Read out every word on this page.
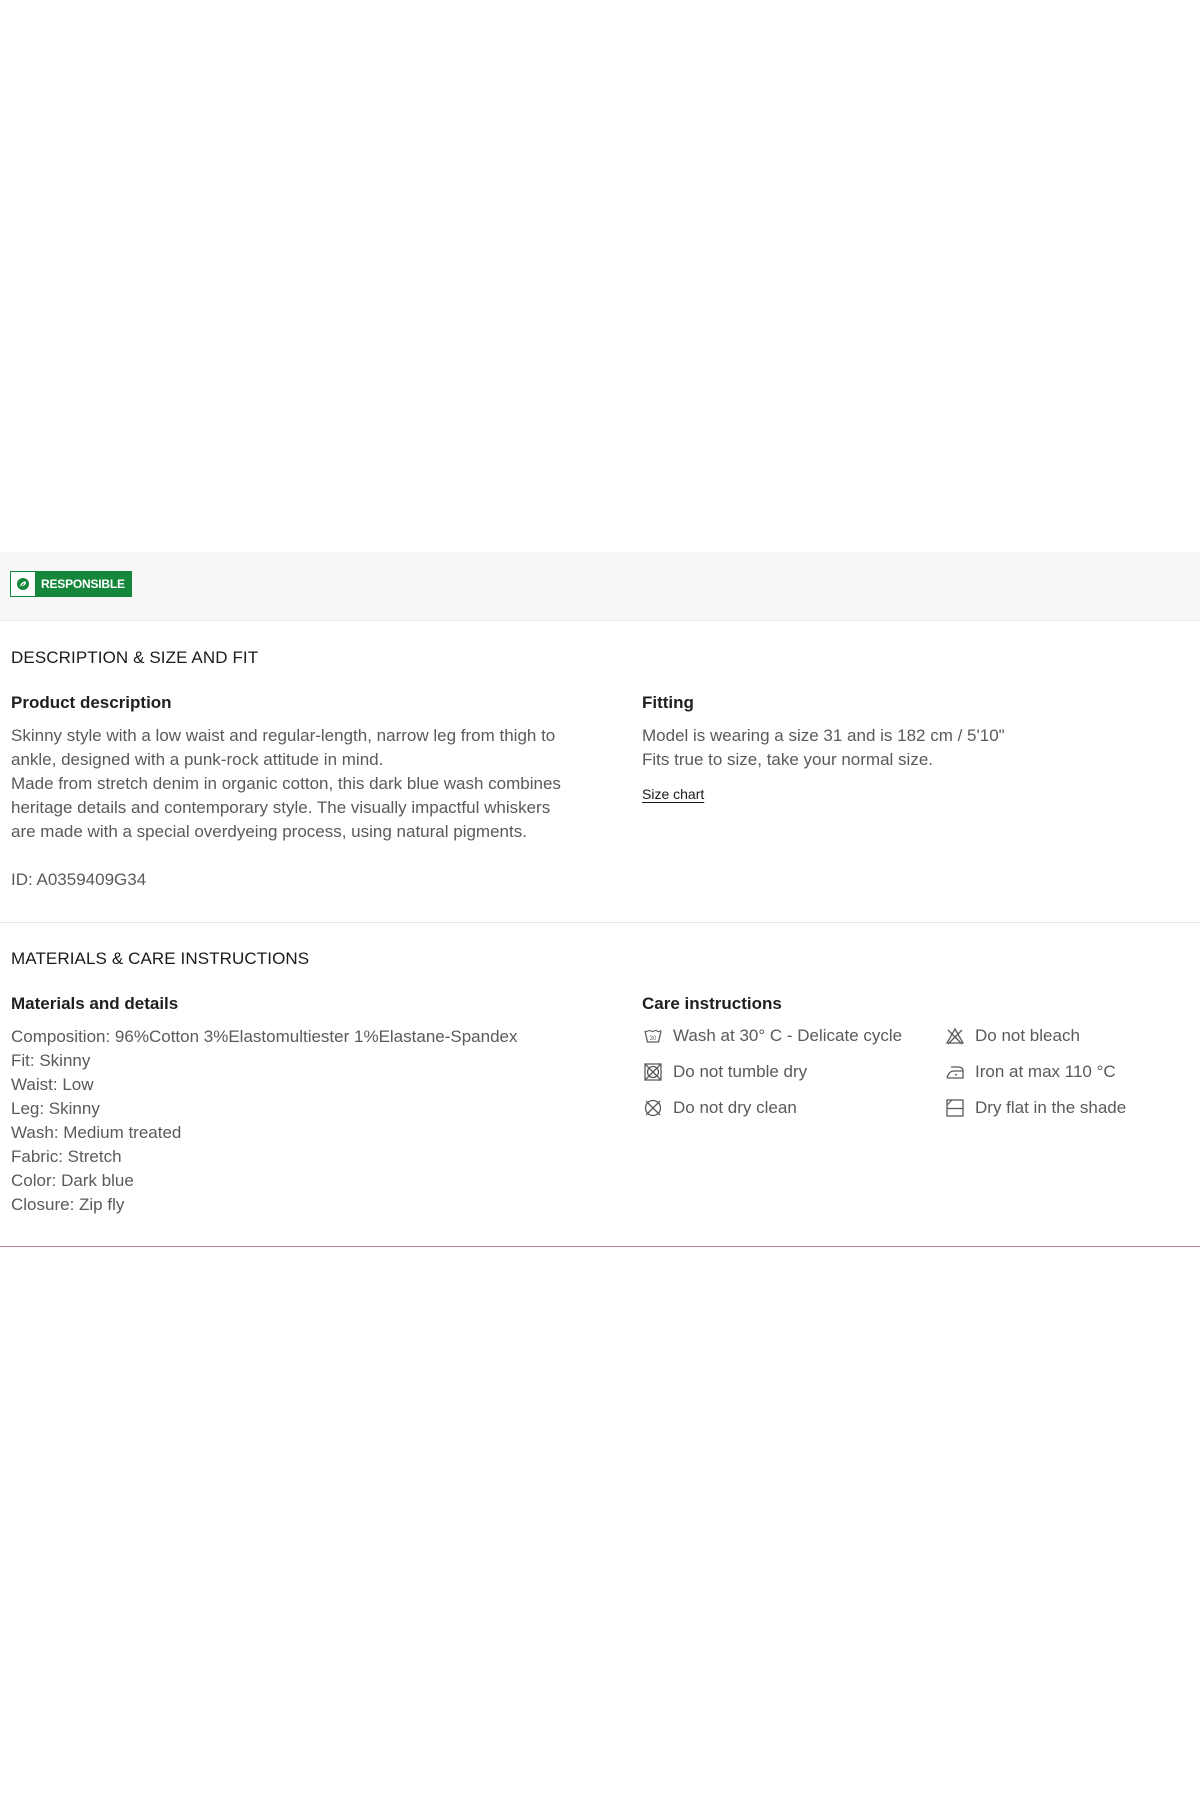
RESPONSIBLE
DESCRIPTION & SIZE AND FIT
Product description
Skinny style with a low waist and regular-length, narrow leg from thigh to
ankle, designed with a punk-rock attitude in mind.
Made from stretch denim in organic cotton, this dark blue wash combines
heritage details and contemporary style. The visually impactful whiskers
are made with a special overdyeing process, using natural pigments.
ID: A0359409G34
Fitting
Model is wearing a size 31 and is 182 cm / 5'10"
Fits true to size, take your normal size.
Size chart
MATERIALS & CARE INSTRUCTIONS
Materials and details
Composition: 96%Cotton 3%Elastomultiester 1%Elastane-Spandex
Fit: Skinny
Waist: Low
Leg: Skinny
Wash: Medium treated
Fabric: Stretch
Color: Dark blue
Closure: Zip fly
Care instructions
30 Wash at 30° C - Delicate cycle	Do not bleach
Do not tumble dry	Iron at max 110 °C
Do not dry clean	Dry flat in the shade
